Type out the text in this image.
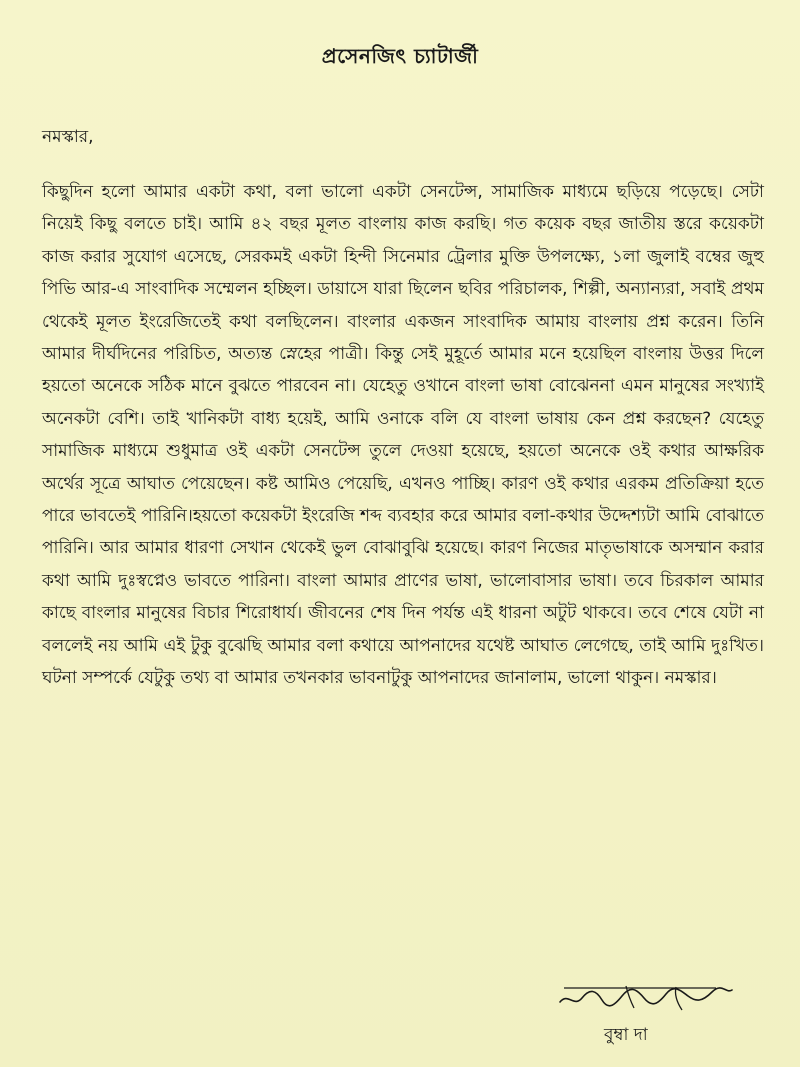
প্রসেনজিৎ চ্যাটার্জী
নমস্কার,
কিছুদিন হলো আমার একটা কথা, বলা ভালো একটা সেনটেন্স, সামাজিক মাধ্যমে ছড়িয়ে পড়েছে। সেটা নিয়েই কিছু বলতে চাই। আমি ৪২ বছর মূলত বাংলায় কাজ করছি। গত কয়েক বছর জাতীয় স্তরে কয়েকটা কাজ করার সুযোগ এসেছে, সেরকমই একটা হিন্দী সিনেমার ট্রেলার মুক্তি উপলক্ষ্যে, ১লা জুলাই বম্বের জুহু পিভি আর-এ সাংবাদিক সম্মেলন হচ্ছিল। ডায়াসে যারা ছিলেন ছবির পরিচালক, শিল্পী, অন্যান্যরা, সবাই প্রথম থেকেই মূলত ইংরেজিতেই কথা বলছিলেন। বাংলার একজন সাংবাদিক আমায় বাংলায় প্রশ্ন করেন। তিনি আমার দীর্ঘদিনের পরিচিত, অত্যন্ত স্নেহের পাত্রী। কিন্তু সেই মুহূর্তে আমার মনে হয়েছিল বাংলায় উত্তর দিলে হয়তো অনেকে সঠিক মানে বুঝতে পারবেন না। যেহেতু ওখানে বাংলা ভাষা বোঝেননা এমন মানুষের সংখ্যাই অনেকটা বেশি। তাই খানিকটা বাধ্য হয়েই, আমি ওনাকে বলি যে বাংলা ভাষায় কেন প্রশ্ন করছেন? যেহেতু সামাজিক মাধ্যমে শুধুমাত্র ওই একটা সেনটেন্স তুলে দেওয়া হয়েছে, হয়তো অনেকে ওই কথার আক্ষরিক অর্থের সূত্রে আঘাত পেয়েছেন। কষ্ট আমিও পেয়েছি, এখনও পাচ্ছি। কারণ ওই কথার এরকম প্রতিক্রিয়া হতে পারে ভাবতেই পারিনি।হয়তো কয়েকটা ইংরেজি শব্দ ব্যবহার করে আমার বলা-কথার উদ্দেশ্যটা আমি বোঝাতে পারিনি। আর আমার ধারণা সেখান থেকেই ভুল বোঝাবুঝি হয়েছে। কারণ নিজের মাতৃভাষাকে অসম্মান করার কথা আমি দুঃস্বপ্নেও ভাবতে পারিনা। বাংলা আমার প্রাণের ভাষা, ভালোবাসার ভাষা। তবে চিরকাল আমার কাছে বাংলার মানুষের বিচার শিরোধার্য। জীবনের শেষ দিন পর্যন্ত এই ধারনা অটুট থাকবে। তবে শেষে যেটা না বললেই নয় আমি এই টুকু বুঝেছি আমার বলা কথায়ে আপনাদের যথেষ্ট আঘাত লেগেছে, তাই আমি দুঃখিত। ঘটনা সম্পর্কে যেটুকু তথ্য বা আমার তখনকার ভাবনাটুকু আপনাদের জানালাম, ভালো থাকুন। নমস্কার।
বুম্বা দা
